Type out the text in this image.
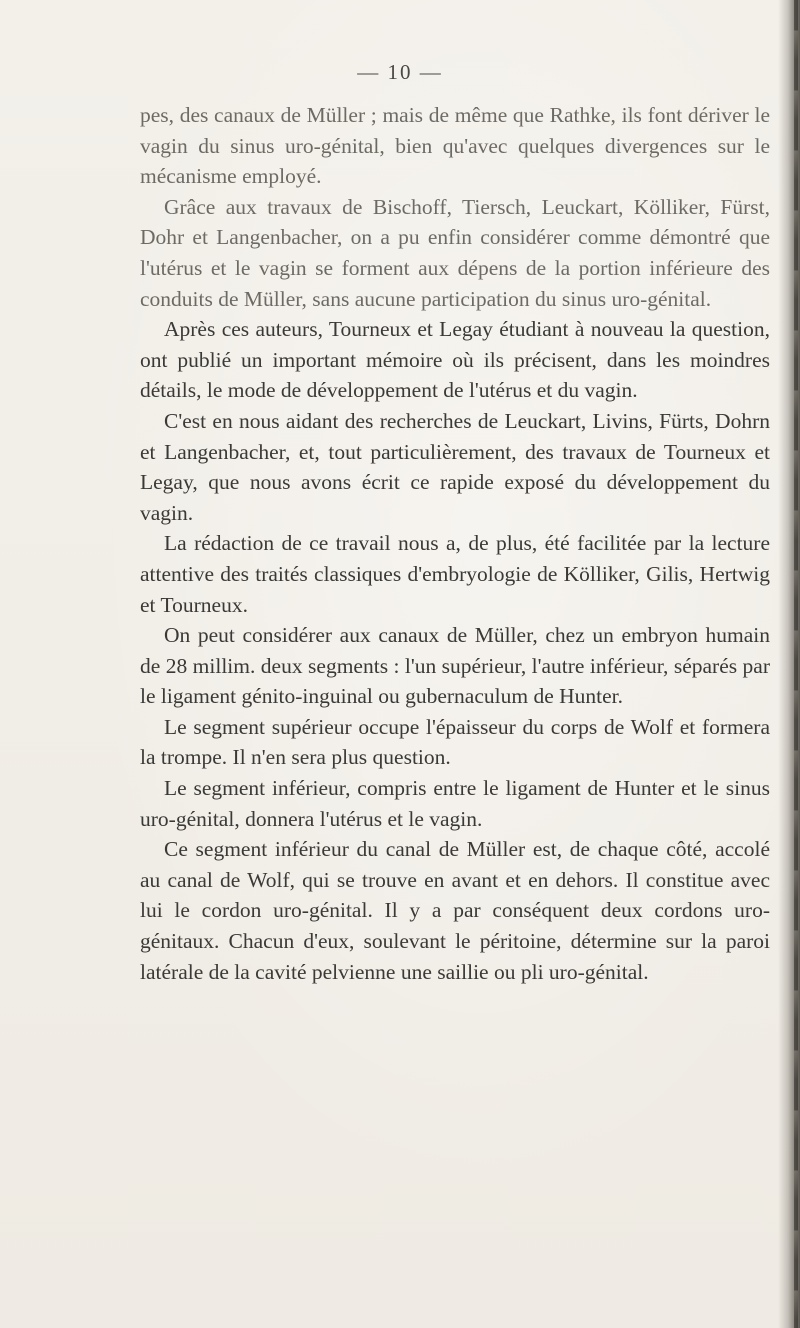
— 10 —

pes, des canaux de Müller ; mais de même que Rathke, ils font dériver le vagin du sinus uro-génital, bien qu'avec quelques divergences sur le mécanisme employé.

Grâce aux travaux de Bischoff, Tiersch, Leuckart, Kölliker, Fürst, Dohr et Langenbacher, on a pu enfin considérer comme démontré que l'utérus et le vagin se forment aux dépens de la portion inférieure des conduits de Müller, sans aucune participation du sinus uro-génital.

Après ces auteurs, Tourneux et Legay étudiant à nouveau la question, ont publié un important mémoire où ils précisent, dans les moindres détails, le mode de développement de l'utérus et du vagin.

C'est en nous aidant des recherches de Leuckart, Livins, Fürts, Dohrn et Langenbacher, et, tout particulièrement, des travaux de Tourneux et Legay, que nous avons écrit ce rapide exposé du développement du vagin.

La rédaction de ce travail nous a, de plus, été facilitée par la lecture attentive des traités classiques d'embryologie de Kölliker, Gilis, Hertwig et Tourneux.

On peut considérer aux canaux de Müller, chez un embryon humain de 28 millim. deux segments : l'un supérieur, l'autre inférieur, séparés par le ligament génito-inguinal ou gubernaculum de Hunter.

Le segment supérieur occupe l'épaisseur du corps de Wolf et formera la trompe. Il n'en sera plus question.

Le segment inférieur, compris entre le ligament de Hunter et le sinus uro-génital, donnera l'utérus et le vagin.

Ce segment inférieur du canal de Müller est, de chaque côté, accolé au canal de Wolf, qui se trouve en avant et en dehors. Il constitue avec lui le cordon uro-génital. Il y a par conséquent deux cordons uro-génitaux. Chacun d'eux, soulevant le péritoine, détermine sur la paroi latérale de la cavité pelvienne une saillie ou pli uro-génital.
